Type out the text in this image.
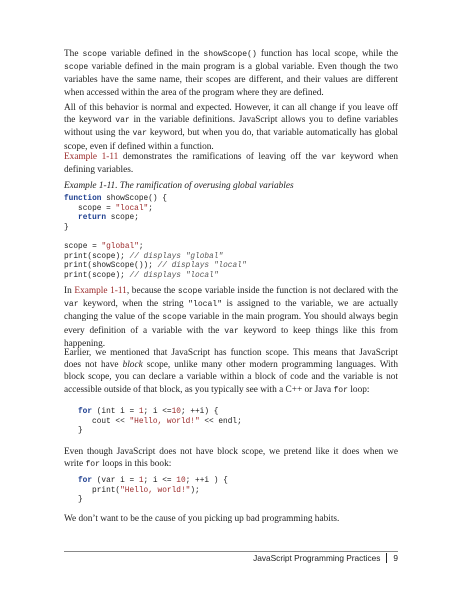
The scope variable defined in the showScope() function has local scope, while the scope variable defined in the main program is a global variable. Even though the two variables have the same name, their scopes are different, and their values are different when accessed within the area of the program where they are defined.

All of this behavior is normal and expected. However, it can all change if you leave off the keyword var in the variable definitions. JavaScript allows you to define variables without using the var keyword, but when you do, that variable automatically has global scope, even if defined within a function.

Example 1-11 demonstrates the ramifications of leaving off the var keyword when defining variables.

Example 1-11. The ramification of overusing global variables

function showScope() {
scope = "local";
return scope;
}

scope = "global";
print(scope); // displays "global"
print(showScope()); // displays "local"
print(scope); // displays "local"

In Example 1-11, because the scope variable inside the function is not declared with the var keyword, when the string "local" is assigned to the variable, we are actually changing the value of the scope variable in the main program. You should always begin every definition of a variable with the var keyword to keep things like this from happening.

Earlier, we mentioned that JavaScript has function scope. This means that JavaScript does not have block scope, unlike many other modern programming languages. With block scope, you can declare a variable within a block of code and the variable is not accessible outside of that block, as you typically see with a C++ or Java for loop:

for (int i = 1; i <=10; ++i) {
cout << "Hello, world!" << endl;
}

Even though JavaScript does not have block scope, we pretend like it does when we write for loops in this book:

for (var i = 1; i <= 10; ++i ) {
print("Hello, world!");
}

We don’t want to be the cause of you picking up bad programming habits.

JavaScript Programming Practices 9
